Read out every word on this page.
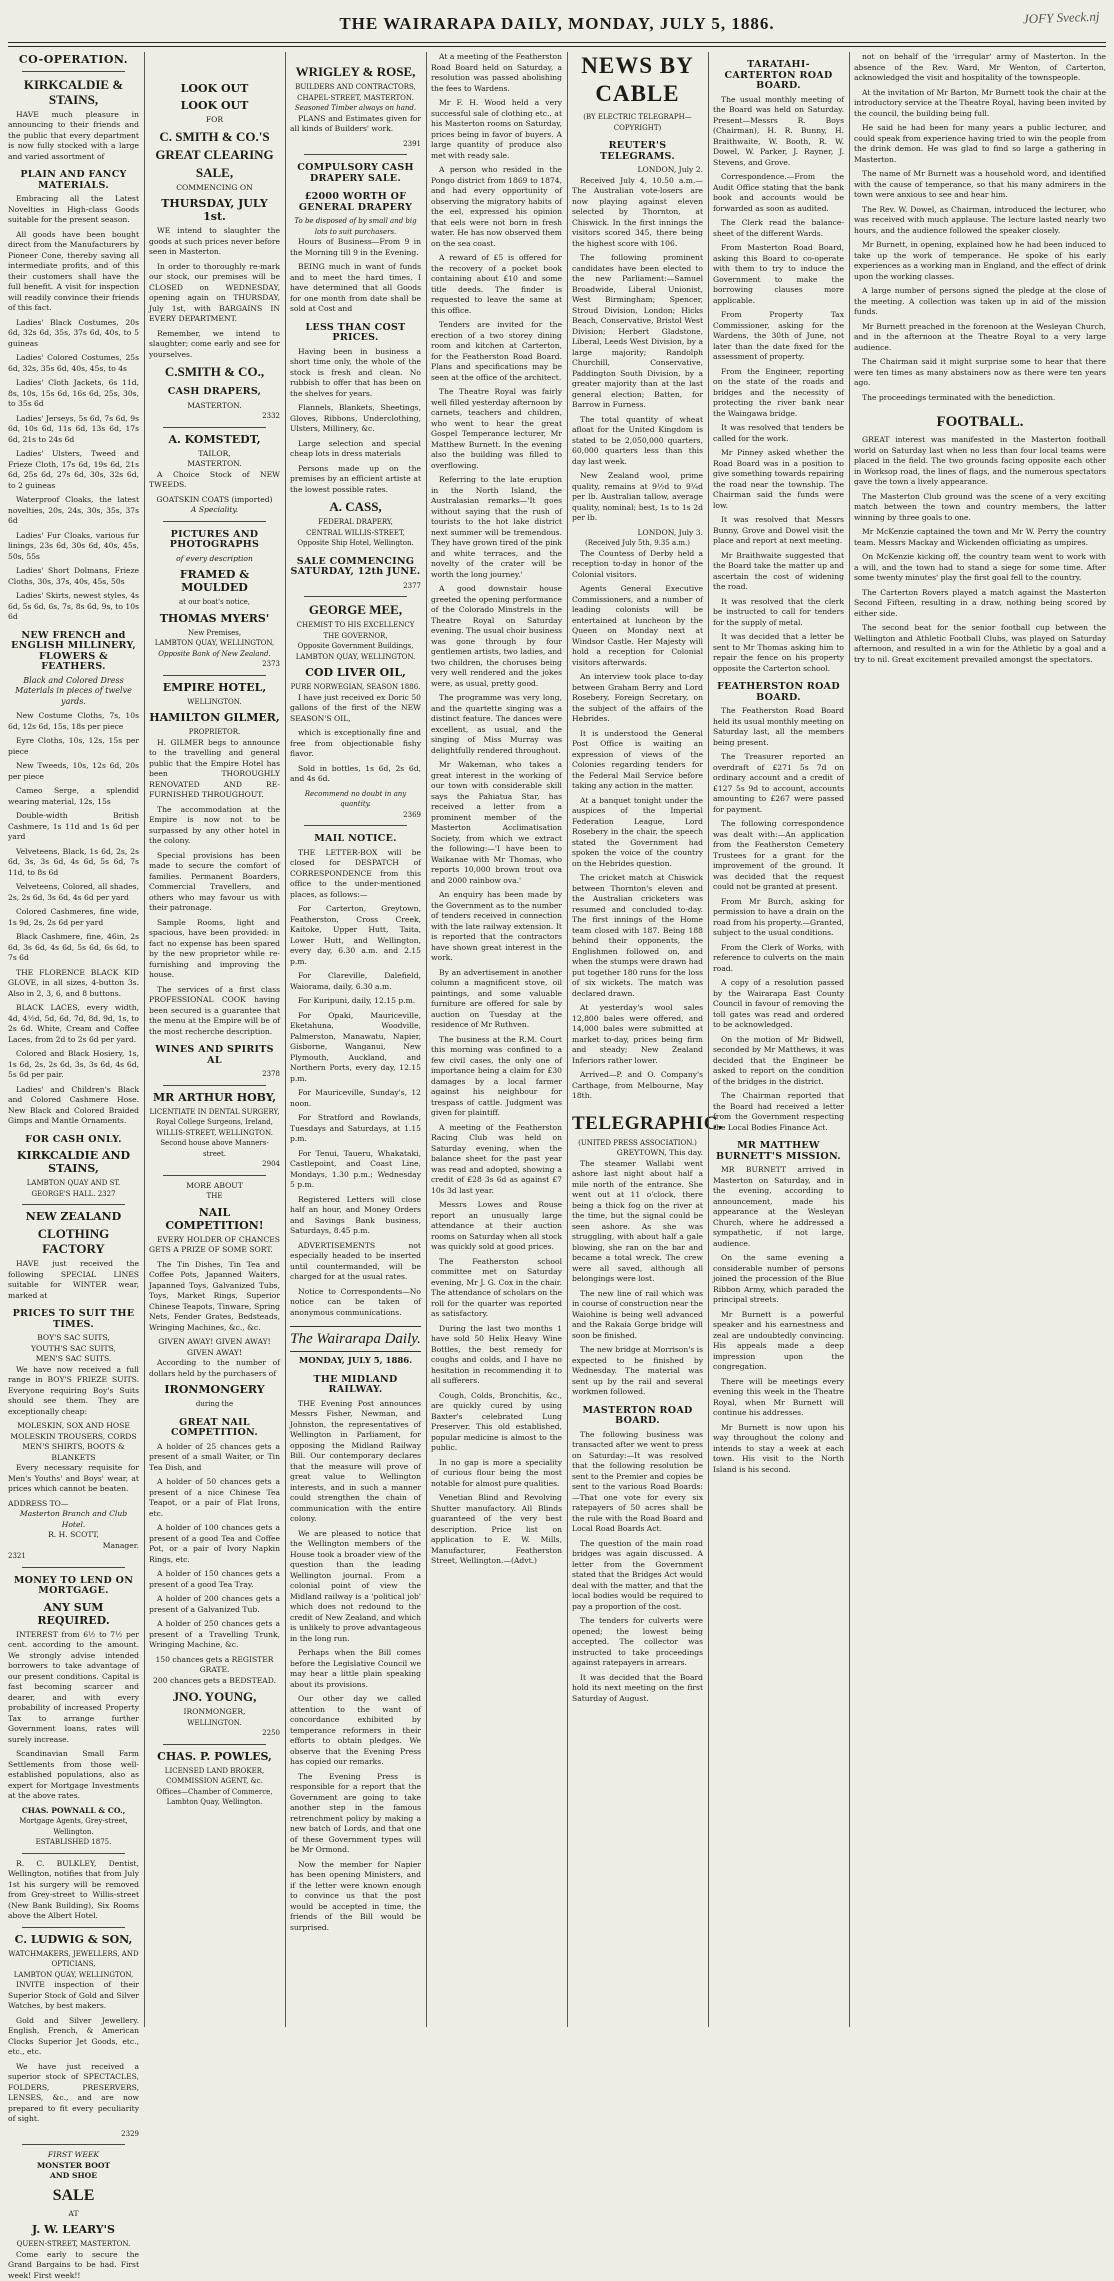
THE WAIRARAPA DAILY, MONDAY, JULY 5, 1886.	JOFY Sveck.nj
CO-OPERATION.
KIRKCALDIE & STAINS,

HAVE much pleasure in announcing to their friends and the public that every department is now fully stocked with a large and varied assortment of

PLAIN AND FANCY MATERIALS.

Embracing all the Latest Novelties in High-class Goods suitable for the present season.

All goods have been bought direct from the Manufacturers by Pioneer Cone, thereby saving all intermediate profits, and of this their customers shall have the full benefit. A visit for inspection will readily convince their friends of this fact.

Ladies' Black Costumes, 20s 6d, 32s 6d, 35s, 37s 6d, 40s, to 5 guineas

Ladies' Colored Costumes, 25s 6d, 32s, 35s 6d, 40s, 45s, to 4s

Ladies' Cloth Jackets, 6s 11d, 8s, 10s, 15s 6d, 16s 6d, 25s, 30s, to 35s 6d

Ladies' Jerseys, 5s 6d, 7s 6d, 9s 6d, 10s 6d, 11s 6d, 13s 6d, 17s 6d, 21s to 24s 6d

Ladies' Ulsters, Tweed and Frieze Cloth, 17s 6d, 19s 6d, 21s 6d, 25s 6d, 27s 6d, 30s, 32s 6d, to 2 guineas

Waterproof Cloaks, the latest novelties, 20s, 24s, 30s, 35s, 37s 6d

Ladies' Fur Cloaks, various fur linings, 23s 6d, 30s 6d, 40s, 45s, 50s, 55s

Ladies' Short Dolmans, Frieze Cloths, 30s, 37s, 40s, 45s, 50s

Ladies' Skirts, newest styles, 4s 6d, 5s 6d, 6s, 7s, 8s 6d, 9s, to 10s 6d

NEW FRENCH and ENGLISH MILLINERY, FLOWERS & FEATHERS.
Black and Colored Dress Materials in pieces of twelve yards.

New Costume Cloths, 7s, 10s 6d, 12s 6d, 15s, 18s per piece

Eyre Cloths, 10s, 12s, 15s per piece

New Tweeds, 10s, 12s 6d, 20s per piece

Cameo Serge, a splendid wearing material, 12s, 15s

Double-width British Cashmere, 1s 11d and 1s 6d per yard

Velveteens, Black, 1s 6d, 2s, 2s 6d, 3s, 3s 6d, 4s 6d, 5s 6d, 7s 11d, to 8s 6d

Velveteens, Colored, all shades, 2s, 2s 6d, 3s 6d, 4s 6d per yard

Colored Cashmeres, fine wide, 1s 9d, 2s, 2s 6d per yard

Black Cashmere, fine, 46in, 2s 6d, 3s 6d, 4s 6d, 5s 6d, 6s 6d, to 7s 6d

THE FLORENCE BLACK KID GLOVE, in all sizes, 4-button 3s. Also in 2, 3, 6, and 8 buttons.

BLACK LACES, every width, 4d, 4½d, 5d, 6d, 7d, 8d, 9d, 1s, to 2s 6d. White, Cream and Coffee Laces, from 2d to 2s 6d per yard.

Colored and Black Hosiery, 1s, 1s 6d, 2s, 2s 6d, 3s, 3s 6d, 4s 6d, 5s 6d per pair.

Ladies' and Children's Black and Colored Cashmere Hose. New Black and Colored Braided Gimps and Mantle Ornaments.

FOR CASH ONLY.
KIRKCALDIE AND STAINS,
LAMBTON QUAY AND ST. GEORGE'S HALL. 2327
NEW ZEALAND
CLOTHING FACTORY

HAVE just received the following SPECIAL LINES suitable for WINTER wear, marked at

PRICES TO SUIT THE TIMES.
BOY'S SAC SUITS,
YOUTH'S SAC SUITS,
MEN'S SAC SUITS.

We have now received a full range in BOY'S FRIEZE SUITS. Everyone requiring Boy's Suits should see them. They are exceptionally cheap:

MOLESKIN, SOX AND HOSE
MOLESKIN TROUSERS, CORDS
MEN'S SHIRTS, BOOTS & BLANKETS

Every necessary requisite for Men's Youths' and Boys' wear, at prices which cannot be beaten.

ADDRESS TO—
Masterton Branch and Club Hotel.
R. H. SCOTT,
Manager.
2321
MONEY TO LEND ON MORTGAGE.
ANY SUM REQUIRED.

INTEREST from 6½ to 7½ per cent. according to the amount. We strongly advise intended borrowers to take advantage of our present conditions. Capital is fast becoming scarcer and dearer, and with every probability of increased Property Tax to arrange further Government loans, rates will surely increase.

Scandinavian Small Farm Settlements from those well-established populations, also as expert for Mortgage Investments at the above rates.

CHAS. POWNALL & CO.,
Mortgage Agents, Grey-street, Wellington.
ESTABLISHED 1875.

R. C. BULKLEY, Dentist, Wellington, notifies that from July 1st his surgery will be removed from Grey-street to Willis-street (New Bank Building), Six Rooms above the Albert Hotel.

C. LUDWIG & SON,
WATCHMAKERS, JEWELLERS, AND OPTICIANS,
LAMBTON QUAY, WELLINGTON,

INVITE inspection of their Superior Stock of Gold and Silver Watches, by best makers.

Gold and Silver Jewellery. English, French, & American Clocks Superior Jet Goods, etc., etc., etc.

We have just received a superior stock of SPECTACLES, FOLDERS, PRESERVERS, LENSES, &c., and are now prepared to fit every peculiarity of sight.

2329
FIRST WEEK
MONSTER BOOT
AND SHOE
SALE
AT
J. W. LEARY'S
QUEEN-STREET, MASTERTON.

Come early to secure the Grand Bargains to be had. First week! First week!!

LOOK OUT
LOOK OUT
FOR
C. SMITH & CO.'S
GREAT CLEARING
SALE,
COMMENCING ON
THURSDAY, JULY 1st.

WE intend to slaughter the goods at such prices never before seen in Masterton.

In order to thoroughly re-mark our stock, our premises will be CLOSED on WEDNESDAY, opening again on THURSDAY, July 1st, with BARGAINS IN EVERY DEPARTMENT.

Remember, we intend to slaughter; come early and see for yourselves.

C.SMITH & CO.,
CASH DRAPERS,
MASTERTON.
2332
A. KOMSTEDT,
TAILOR,
MASTERTON.

A Choice Stock of NEW TWEEDS.

GOATSKIN COATS (imported)
A Speciality.
PICTURES AND PHOTOGRAPHS
of every description
FRAMED & MOULDED
at our boat's notice,
THOMAS MYERS'
New Premises,
LAMBTON QUAY, WELLINGTON,
Opposite Bank of New Zealand.
2373
EMPIRE HOTEL,
WELLINGTON.
HAMILTON GILMER,
PROPRIETOR.

H. GILMER begs to announce to the travelling and general public that the Empire Hotel has been THOROUGHLY RENOVATED AND RE-FURNISHED THROUGHOUT.

The accommodation at the Empire is now not to be surpassed by any other hotel in the colony.

Special provisions has been made to secure the comfort of families. Permanent Boarders, Commercial Travellers, and others who may favour us with their patronage.

Sample Rooms, light and spacious, have been provided: in fact no expense has been spared by the new proprietor while re-furnishing and improving the house.

The services of a first class PROFESSIONAL COOK having been secured is a guarantee that the menu at the Empire will be of the most recherche description.

WINES AND SPIRITS AL
2378
MR ARTHUR HOBY,
LICENTIATE IN DENTAL SURGERY,
Royal College Surgeons, Ireland,
WILLIS-STREET, WELLINGTON.
Second house above Manners-street.
2904
MORE ABOUT
THE
NAIL COMPETITION!

EVERY HOLDER OF CHANCES GETS A PRIZE OF SOME SORT.

The Tin Dishes, Tin Tea and Coffee Pots, Japanned Waiters, Japanned Toys, Galvanized Tubs, Toys, Market Rings, Superior Chinese Teapots, Tinware, Spring Nets, Fender Grates, Bedsteads, Wringing Machines, &c., &c.

GIVEN AWAY! GIVEN AWAY!
GIVEN AWAY!

According to the number of dollars held by the purchasers of

IRONMONGERY
during the
GREAT NAIL COMPETITION.

A holder of 25 chances gets a present of a small Waiter, or Tin Tea Dish, and

A holder of 50 chances gets a present of a nice Chinese Tea Teapot, or a pair of Flat Irons, etc.

A holder of 100 chances gets a present of a good Tea and Coffee Pot, or a pair of Ivory Napkin Rings, etc.

A holder of 150 chances gets a present of a good Tea Tray.

A holder of 200 chances gets a present of a Galvanized Tub.

A holder of 250 chances gets a present of a Travelling Trunk, Wringing Machine, &c.

150 chances gets a REGISTER GRATE.
200 chances gets a BEDSTEAD.
JNO. YOUNG,
IRONMONGER,
WELLINGTON.
2250
CHAS. P. POWLES,
LICENSED LAND BROKER,
COMMISSION AGENT, &c.
Offices—Chamber of Commerce, Lambton Quay, Wellington.
WRIGLEY & ROSE,
BUILDERS AND CONTRACTORS,
CHAPEL-STREET, MASTERTON.
Seasoned Timber always on hand.

PLANS and Estimates given for all kinds of Builders' work.

2391
COMPULSORY CASH DRAPERY SALE.
£2000 WORTH OF GENERAL DRAPERY
To be disposed of by small and big lots to suit purchasers.

Hours of Business—From 9 in the Morning till 9 in the Evening.

BEING much in want of funds and to meet the hard times, I have determined that all Goods for one month from date shall be sold at Cost and

LESS THAN COST PRICES.

Having been in business a short time only, the whole of the stock is fresh and clean. No rubbish to offer that has been on the shelves for years.

Flannels, Blankets, Sheetings, Gloves, Ribbons, Underclothing, Ulsters, Millinery, &c.

Large selection and special cheap lots in dress materials

Persons made up on the premises by an efficient artiste at the lowest possible rates.

A. CASS,
FEDERAL DRAPERY,
CENTRAL WILLIS-STREET,
Opposite Ship Hotel, Wellington.
SALE COMMENCING SATURDAY, 12th JUNE.
2377
GEORGE MEE,
CHEMIST TO HIS EXCELLENCY THE GOVERNOR,
Opposite Government Buildings,
LAMBTON QUAY, WELLINGTON.
COD LIVER OIL,
PURE NORWEGIAN, SEASON 1886.

I have just received ex Doric 50 gallons of the first of the NEW SEASON'S OIL,

which is exceptionally fine and free from objectionable fishy flavor.

Sold in bottles, 1s 6d, 2s 6d, and 4s 6d.

Recommend no doubt in any quantity.
2369
MAIL NOTICE.

THE LETTER-BOX will be closed for DESPATCH of CORRESPONDENCE from this office to the under-mentioned places, as follows:—

For Carterton, Greytown, Featherston, Cross Creek, Kaitoke, Upper Hutt, Taita, Lower Hutt, and Wellington, every day, 6.30 a.m. and 2.15 p.m.

For Clareville, Dalefield, Waiorama, daily, 6.30 a.m.

For Kuripuni, daily, 12.15 p.m.

For Opaki, Mauriceville, Eketahuna, Woodville, Palmerston, Manawatu, Napier, Gisborne, Wanganui, New Plymouth, Auckland, and Northern Ports, every day, 12.15 p.m.

For Mauriceville, Sunday's, 12 noon.

For Stratford and Rowlands, Tuesdays and Saturdays, at 1.15 p.m.

For Tenui, Taueru, Whakataki, Castlepoint, and Coast Line, Mondays, 1.30 p.m.; Wednesday 5 p.m.

Registered Letters will close half an hour, and Money Orders and Savings Bank business, Saturdays, 8.45 p.m.

ADVERTISEMENTS not especially headed to be inserted until countermanded, will be charged for at the usual rates.

Notice to Correspondents—No notice can be taken of anonymous communications.

The Wairarapa Daily.
MONDAY, JULY 5, 1886.
THE MIDLAND RAILWAY.

THE Evening Post announces Messrs Fisher, Newman, and Johnston, the representatives of Wellington in Parliament, for opposing the Midland Railway Bill. Our contemporary declares that the measure will prove of great value to Wellington interests, and in such a manner could strengthen the chain of communication with the entire colony.

We are pleased to notice that the Wellington members of the House took a broader view of the question than the leading Wellington journal. From a colonial point of view the Midland railway is a 'political job' which does not redound to the credit of New Zealand, and which is unlikely to prove advantageous in the long run.

Perhaps when the Bill comes before the Legislative Council we may hear a little plain speaking about its provisions.

Our other day we called attention to the want of concordance exhibited by temperance reformers in their efforts to obtain pledges. We observe that the Evening Press has copied our remarks.

The Evening Press is responsible for a report that the Government are going to take another step in the famous retrenchment policy by making a new batch of Lords, and that one of these Government types will be Mr Ormond.

Now the member for Napier has been opening Ministers, and if the letter were known enough to convince us that the post would be accepted in time, the friends of the Bill would be surprised.

At a meeting of the Featherston Road Board held on Saturday, a resolution was passed abolishing the fees to Wardens.

Mr F. H. Wood held a very successful sale of clothing etc., at his Masterton rooms on Saturday, prices being in favor of buyers. A large quantity of produce also met with ready sale.

A person who resided in the Pongo district from 1869 to 1874, and had every opportunity of observing the migratory habits of the eel, expressed his opinion that eels were not born in fresh water. He has now observed them on the sea coast.

A reward of £5 is offered for the recovery of a pocket book containing about £10 and some title deeds. The finder is requested to leave the same at this office.

Tenders are invited for the erection of a two storey dining room and kitchen at Carterton, for the Featherston Road Board. Plans and specifications may be seen at the office of the architect.

The Theatre Royal was fairly well filled yesterday afternoon by carnets, teachers and children, who went to hear the great Gospel Temperance lecturer, Mr Matthew Burnett. In the evening also the building was filled to overflowing.

Referring to the late eruption in the North Island, the Australasian remarks—'It goes without saying that the rush of tourists to the hot lake district next summer will be tremendous. They have grown tired of the pink and white terraces, and the novelty of the crater will be worth the long journey.'

A good downstair house greeted the opening performance of the Colorado Minstrels in the Theatre Royal on Saturday evening. The usual choir business was gone through by four gentlemen artists, two ladies, and two children, the choruses being very well rendered and the jokes were, as usual, pretty good.

The programme was very long, and the quartette singing was a distinct feature. The dances were excellent, as usual, and the singing of Miss Murray was delightfully rendered throughout.

Mr Wakeman, who takes a great interest in the working of our town with considerable skill says the Pahiatua Star, has received a letter from a prominent member of the Masterton Acclimatisation Society, from which we extract the following:—'I have been to Waikanae with Mr Thomas, who reports 10,000 brown trout ova and 2000 rainbow ova.'

An enquiry has been made by the Government as to the number of tenders received in connection with the late railway extension. It is reported that the contractors have shown great interest in the work.

By an advertisement in another column a magnificent stove, oil paintings, and some valuable furniture are offered for sale by auction on Tuesday at the residence of Mr Ruthven.

The business at the R.M. Court this morning was confined to a few civil cases, the only one of importance being a claim for £30 damages by a local farmer against his neighbour for trespass of cattle. Judgment was given for plaintiff.

A meeting of the Featherston Racing Club was held on Saturday evening, when the balance sheet for the past year was read and adopted, showing a credit of £28 3s 6d as against £7 10s 3d last year.

Messrs Lowes and Rouse report an unusually large attendance at their auction rooms on Saturday when all stock was quickly sold at good prices.

The Featherston school committee met on Saturday evening, Mr J. G. Cox in the chair. The attendance of scholars on the roll for the quarter was reported as satisfactory.

During the last two months 1 have sold 50 Helix Heavy Wine Bottles, the best remedy for coughs and colds, and I have no hesitation in recommending it to all sufferers.

Cough, Colds, Bronchitis, &c., are quickly cured by using Baxter's celebrated Lung Preserver. This old established, popular medicine is almost to the public.

In no gap is more a speciality of curious flour being the most notable for almost pure qualities.

Venetian Blind and Revolving Shutter manufactory. All Blinds guaranteed of the very best description. Price list on application to E. W. Mills, Manufacturer, Featherston Street, Wellington.—(Advt.)

NEWS BY CABLE
(BY ELECTRIC TELEGRAPH—COPYRIGHT)
REUTER'S TELEGRAMS.
LONDON, July 2.

Received July 4, 10.50 a.m.—The Australian vote-losers are now playing against eleven selected by Thornton, at Chiswick. In the first innings the visitors scored 345, there being the highest score with 106.

The following prominent candidates have been elected to the new Parliament:—Samuel Broadwide, Liberal Unionist, West Birmingham; Spencer, Stroud Division, London; Hicks Beach, Conservative, Bristol West Division; Herbert Gladstone, Liberal, Leeds West Division, by a large majority; Randolph Churchill, Conservative, Paddington South Division, by a greater majority than at the last general election; Batten, for Barrow in Furness.

The total quantity of wheat afloat for the United Kingdom is stated to be 2,050,000 quarters, 60,000 quarters less than this day last week.

New Zealand wool, prime quality, remains at 9½d to 9¼d per lb. Australian tallow, average quality, nominal; best, 1s to 1s 2d per lb.

LONDON, July 3.
(Received July 5th, 9.35 a.m.)

The Countess of Derby held a reception to-day in honor of the Colonial visitors.

Agents General Executive Commissioners, and a number of leading colonists will be entertained at luncheon by the Queen on Monday next at Windsor Castle. Her Majesty will hold a reception for Colonial visitors afterwards.

An interview took place to-day between Graham Berry and Lord Rosebery, Foreign Secretary, on the subject of the affairs of the Hebrides.

It is understood the General Post Office is waiting an expression of views of the Colonies regarding tenders for the Federal Mail Service before taking any action in the matter.

At a banquet tonight under the auspices of the Imperial Federation League, Lord Rosebery in the chair, the speech stated the Government had spoken the voice of the country on the Hebrides question.

The cricket match at Chiswick between Thornton's eleven and the Australian cricketers was resumed and concluded to-day. The first innings of the Home team closed with 187. Being 188 behind their opponents, the Englishmen followed on, and when the stumps were drawn had put together 180 runs for the loss of six wickets. The match was declared drawn.

At yesterday's wool sales 12,800 bales were offered, and 14,000 bales were submitted at market to-day, prices being firm and steady; New Zealand Inferiors rather lower.

Arrived—P. and O. Company's Carthage, from Melbourne, May 18th.

TELEGRAPHIC.
(UNITED PRESS ASSOCIATION.)
GREYTOWN, This day.

The steamer Wallabi went ashore last night about half a mile north of the entrance. She went out at 11 o'clock, there being a thick fog on the river at the time, but the signal could be seen ashore. As she was struggling, with about half a gale blowing, she ran on the bar and became a total wreck. The crew were all saved, although all belongings were lost.

The new line of rail which was in course of construction near the Waiohine is being well advanced and the Rakaia Gorge bridge will soon be finished.

The new bridge at Morrison's is expected to be finished by Wednesday. The material was sent up by the rail and several workmen followed.

MASTERTON ROAD BOARD.

The following business was transacted after we went to press on Saturday:—It was resolved that the following resolution be sent to the Premier and copies be sent to the various Road Boards:—That one vote for every six ratepayers of 50 acres shall be the rule with the Road Board and Local Road Boards Act.

The question of the main road bridges was again discussed. A letter from the Government stated that the Bridges Act would deal with the matter, and that the local bodies would be required to pay a proportion of the cost.

The tenders for culverts were opened; the lowest being accepted. The collector was instructed to take proceedings against ratepayers in arrears.

It was decided that the Board hold its next meeting on the first Saturday of August.

TARATAHI-CARTERTON ROAD BOARD.

The usual monthly meeting of the Board was held on Saturday. Present—Messrs R. Boys (Chairman), H. R. Bunny, H. Braithwaite, W. Booth, R. W. Dowel, W. Parker, J. Rayner, J. Stevens, and Grove.

Correspondence.—From the Audit Office stating that the bank book and accounts would be forwarded as soon as audited.

The Clerk read the balance-sheet of the different Wards.

From Masterton Road Board, asking this Board to co-operate with them to try to induce the Government to make the borrowing clauses more applicable.

From Property Tax Commissioner, asking for the Wardens, the 30th of June, not later than the date fixed for the assessment of property.

From the Engineer, reporting on the state of the roads and bridges and the necessity of protecting the river bank near the Waingawa bridge.

It was resolved that tenders be called for the work.

Mr Pinney asked whether the Road Board was in a position to give something towards repairing the road near the township. The Chairman said the funds were low.

It was resolved that Messrs Bunny, Grove and Dowel visit the place and report at next meeting.

Mr Braithwaite suggested that the Board take the matter up and ascertain the cost of widening the road.

It was resolved that the clerk be instructed to call for tenders for the supply of metal.

It was decided that a letter be sent to Mr Thomas asking him to repair the fence on his property opposite the Carterton school.

FEATHERSTON ROAD BOARD.

The Featherston Road Board held its usual monthly meeting on Saturday last, all the members being present.

The Treasurer reported an overdraft of £271 5s 7d on ordinary account and a credit of £127 5s 9d to account, accounts amounting to £267 were passed for payment.

The following correspondence was dealt with:—An application from the Featherston Cemetery Trustees for a grant for the improvement of the ground. It was decided that the request could not be granted at present.

From Mr Burch, asking for permission to have a drain on the road from his property.—Granted, subject to the usual conditions.

From the Clerk of Works, with reference to culverts on the main road.

A copy of a resolution passed by the Wairarapa East County Council in favour of removing the toll gates was read and ordered to be acknowledged.

On the motion of Mr Bidwell, seconded by Mr Matthews, it was decided that the Engineer be asked to report on the condition of the bridges in the district.

The Chairman reported that the Board had received a letter from the Government respecting the Local Bodies Finance Act.

MR MATTHEW BURNETT'S MISSION.

MR BURNETT arrived in Masterton on Saturday, and in the evening, according to announcement, made his appearance at the Wesleyan Church, where he addressed a sympathetic, if not large, audience.

On the same evening a considerable number of persons joined the procession of the Blue Ribbon Army, which paraded the principal streets.

Mr Burnett is a powerful speaker and his earnestness and zeal are undoubtedly convincing. His appeals made a deep impression upon the congregation.

There will be meetings every evening this week in the Theatre Royal, when Mr Burnett will continue his addresses.

Mr Burnett is now upon his way throughout the colony and intends to stay a week at each town. His visit to the North Island is his second.

not on behalf of the 'irregular' army of Masterton. In the absence of the Rev. Ward, Mr Wenton, of Carterton, acknowledged the visit and hospitality of the townspeople.

At the invitation of Mr Barton, Mr Burnett took the chair at the introductory service at the Theatre Royal, having been invited by the council, the building being full.

He said he had been for many years a public lecturer, and could speak from experience having tried to win the people from the drink demon. He was glad to find so large a gathering in Masterton.

The name of Mr Burnett was a household word, and identified with the cause of temperance, so that his many admirers in the town were anxious to see and hear him.

The Rev. W. Dowel, as Chairman, introduced the lecturer, who was received with much applause. The lecture lasted nearly two hours, and the audience followed the speaker closely.

Mr Burnett, in opening, explained how he had been induced to take up the work of temperance. He spoke of his early experiences as a working man in England, and the effect of drink upon the working classes.

A large number of persons signed the pledge at the close of the meeting. A collection was taken up in aid of the mission funds.

Mr Burnett preached in the forenoon at the Wesleyan Church, and in the afternoon at the Theatre Royal to a very large audience.

The Chairman said it might surprise some to hear that there were ten times as many abstainers now as there were ten years ago.

The proceedings terminated with the benediction.

FOOTBALL.

GREAT interest was manifested in the Masterton football world on Saturday last when no less than four local teams were placed in the field. The two grounds facing opposite each other in Worksop road, the lines of flags, and the numerous spectators gave the town a lively appearance.

The Masterton Club ground was the scene of a very exciting match between the town and country members, the latter winning by three goals to one.

Mr McKenzie captained the town and Mr W. Perry the country team. Messrs Mackay and Wickenden officiating as umpires.

On McKenzie kicking off, the country team went to work with a will, and the town had to stand a siege for some time. After some twenty minutes' play the first goal fell to the country.

The Carterton Rovers played a match against the Masterton Second Fifteen, resulting in a draw, nothing being scored by either side.

The second beat for the senior football cup between the Wellington and Athletic Football Clubs, was played on Saturday afternoon, and resulted in a win for the Athletic by a goal and a try to nil. Great excitement prevailed amongst the spectators.
